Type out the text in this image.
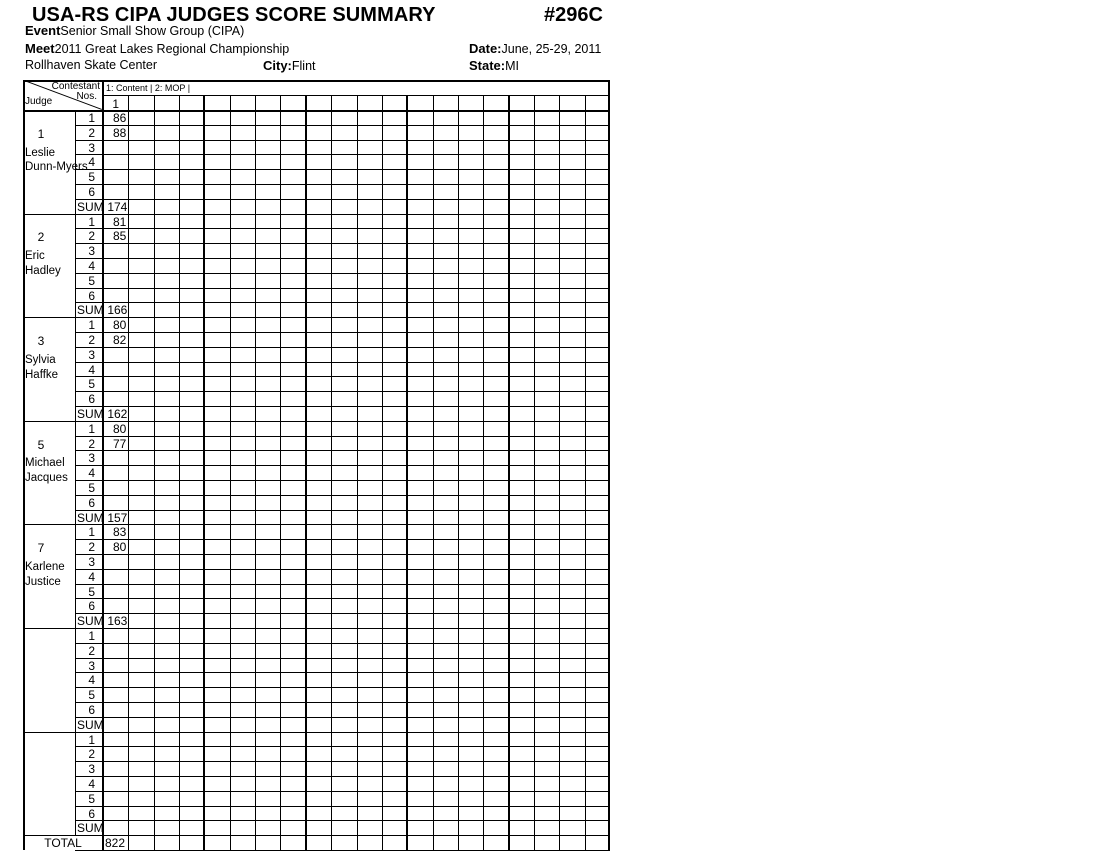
USA-RS CIPA JUDGES SCORE SUMMARY	#296C
EventSenior Small Show Group (CIPA)
Meet2011 Great Lakes Regional Championship	Date:June, 25-29, 2011
Rollhaven Skate Center	City:Flint	State:MI
Contestant
Nos.
Judge
1: Content | 2: MOP |
1
1
Leslie
Dunn-Myers
1	86
2	88
3
4
5
6
SUM 174
2
Eric
Hadley
1	81
2	85
3
4
5
6
SUM 166
3
Sylvia
Haffke
1	80
2	82
3
4
5
6
SUM 162
5
Michael
Jacques
1	80
2	77
3
4
5
6
SUM 157
7
Karlene
Justice
1	83
2	80
3
4
5
6
SUM 163
1
2
3
4
5
6
SUM
1
2
3
4
5
6
SUM
TOTAL	822
